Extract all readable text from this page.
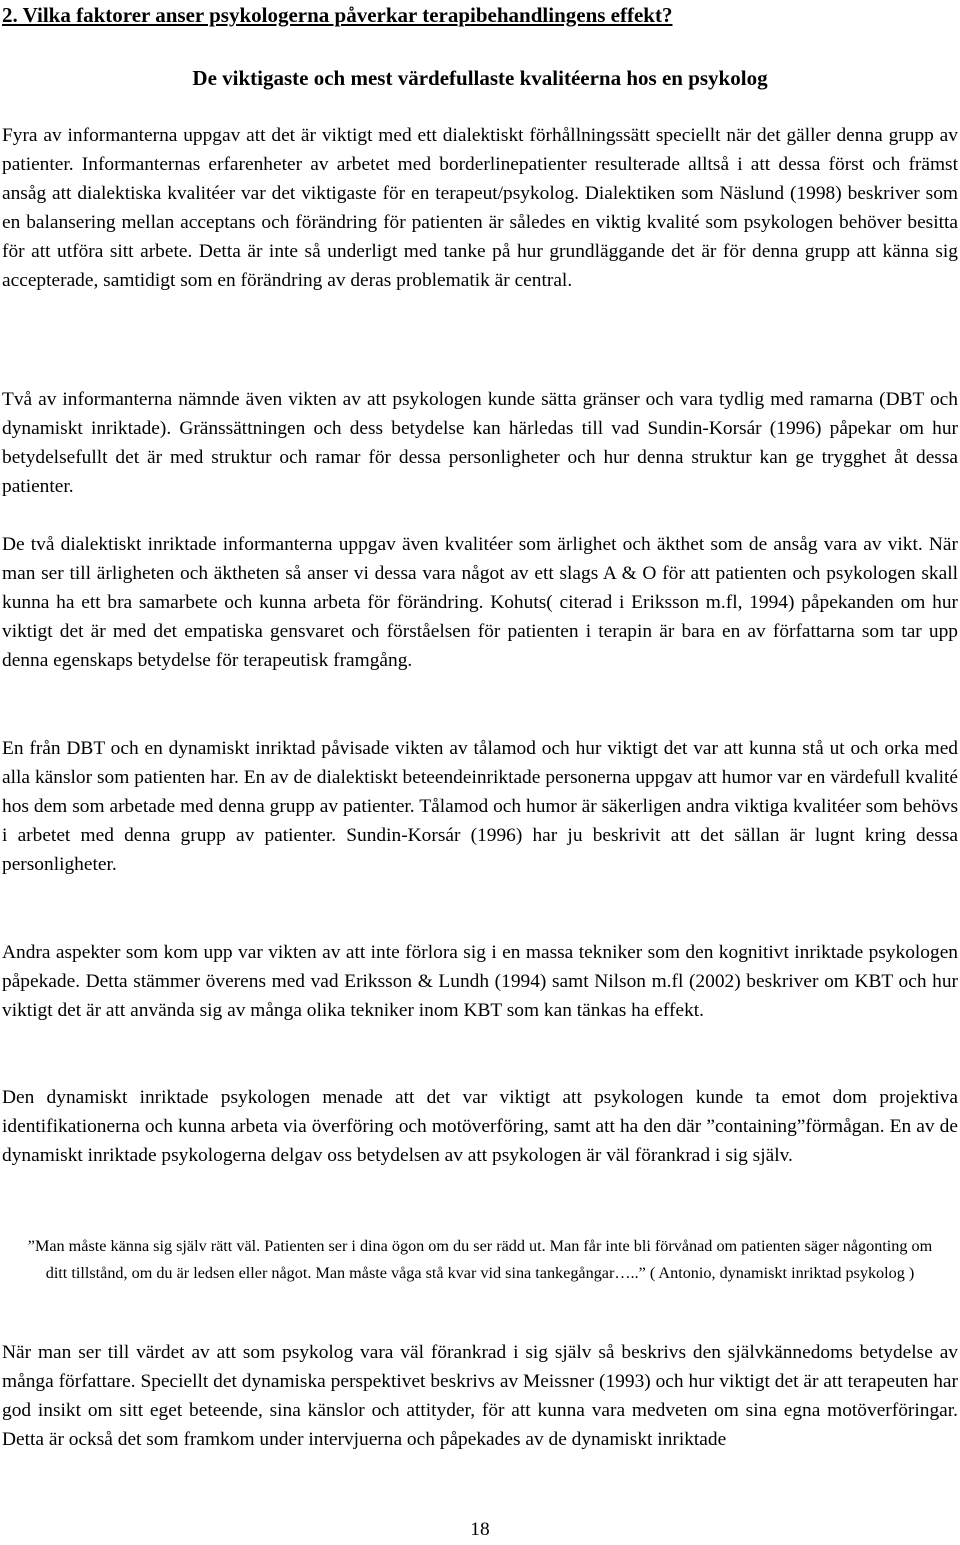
2. Vilka faktorer anser psykologerna påverkar terapibehandlingens effekt?
De viktigaste och mest värdefullaste kvalitéerna hos en psykolog

Fyra av informanterna uppgav att det är viktigt med ett dialektiskt förhållningssätt speciellt när det gäller denna grupp av patienter. Informanternas erfarenheter av arbetet med borderlinepatienter resulterade alltså i att dessa först och främst ansåg att dialektiska kvalitéer var det viktigaste för en terapeut/psykolog. Dialektiken som Näslund (1998) beskriver som en balansering mellan acceptans och förändring för patienten är således en viktig kvalité som psykologen behöver besitta för att utföra sitt arbete. Detta är inte så underligt med tanke på hur grundläggande det är för denna grupp att känna sig accepterade, samtidigt som en förändring av deras problematik är central.

Två av informanterna nämnde även vikten av att psykologen kunde sätta gränser och vara tydlig med ramarna (DBT och dynamiskt inriktade). Gränssättningen och dess betydelse kan härledas till vad Sundin-Korsár (1996) påpekar om hur betydelsefullt det är med struktur och ramar för dessa personligheter och hur denna struktur kan ge trygghet åt dessa patienter.

De två dialektiskt inriktade informanterna uppgav även kvalitéer som ärlighet och äkthet som de ansåg vara av vikt. När man ser till ärligheten och äktheten så anser vi dessa vara något av ett slags A & O för att patienten och psykologen skall kunna ha ett bra samarbete och kunna arbeta för förändring. Kohuts( citerad i Eriksson m.fl, 1994) påpekanden om hur viktigt det är med det empatiska gensvaret och förståelsen för patienten i terapin är bara en av författarna som tar upp denna egenskaps betydelse för terapeutisk framgång.

En från DBT och en dynamiskt inriktad påvisade vikten av tålamod och hur viktigt det var att kunna stå ut och orka med alla känslor som patienten har. En av de dialektiskt beteendeinriktade personerna uppgav att humor var en värdefull kvalité hos dem som arbetade med denna grupp av patienter. Tålamod och humor är säkerligen andra viktiga kvalitéer som behövs i arbetet med denna grupp av patienter. Sundin-Korsár (1996) har ju beskrivit att det sällan är lugnt kring dessa personligheter.

Andra aspekter som kom upp var vikten av att inte förlora sig i en massa tekniker som den kognitivt inriktade psykologen påpekade. Detta stämmer överens med vad Eriksson & Lundh (1994) samt Nilson m.fl (2002) beskriver om KBT och hur viktigt det är att använda sig av många olika tekniker inom KBT som kan tänkas ha effekt.

Den dynamiskt inriktade psykologen menade att det var viktigt att psykologen kunde ta emot dom projektiva identifikationerna och kunna arbeta via överföring och motöverföring, samt att ha den där ”containing”förmågan. En av de dynamiskt inriktade psykologerna delgav oss betydelsen av att psykologen är väl förankrad i sig själv.

”Man måste känna sig själv rätt väl. Patienten ser i dina ögon om du ser rädd ut. Man får inte bli förvånad om patienten säger någonting om ditt tillstånd, om du är ledsen eller något. Man måste våga stå kvar vid sina tankegångar…..” ( Antonio, dynamiskt inriktad psykolog )

När man ser till värdet av att som psykolog vara väl förankrad i sig själv så beskrivs den självkännedoms betydelse av många författare. Speciellt det dynamiska perspektivet beskrivs av Meissner (1993) och hur viktigt det är att terapeuten har god insikt om sitt eget beteende, sina känslor och attityder, för att kunna vara medveten om sina egna motöverföringar. Detta är också det som framkom under intervjuerna och påpekades av de dynamiskt inriktade

18
